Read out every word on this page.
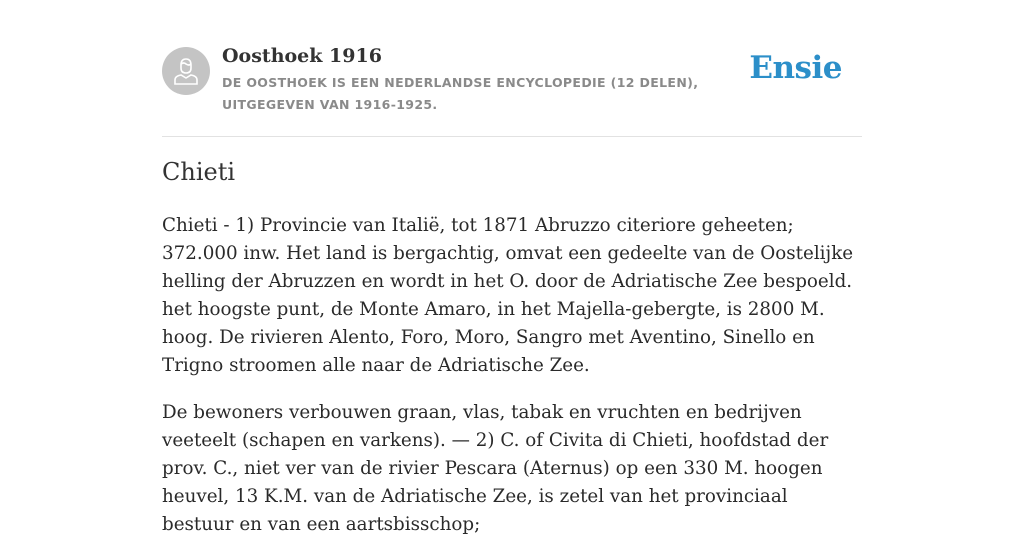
Oosthoek 1916

DE OOSTHOEK IS EEN NEDERLANDSE ENCYCLOPEDIE (12 DELEN), UITGEGEVEN VAN 1916-1925.

Ensie
Chieti

Chieti - 1) Provincie van Italië, tot 1871 Abruzzo citeriore geheeten; 372.000 inw. Het land is bergachtig, omvat een gedeelte van de Oostelijke helling der Abruzzen en wordt in het O. door de Adriatische Zee bespoeld. het hoogste punt, de Monte Amaro, in het Majella-gebergte, is 2800 M. hoog. De rivieren Alento, Foro, Moro, Sangro met Aventino, Sinello en Trigno stroomen alle naar de Adriatische Zee.

De bewoners verbouwen graan, vlas, tabak en vruchten en bedrijven veeteelt (schapen en varkens). — 2) C. of Civita di Chieti, hoofdstad der prov. C., niet ver van de rivier Pescara (Aternus) op een 330 M. hoogen heuvel, 13 K.M. van de Adriatische Zee, is zetel van het provinciaal bestuur en van een aartsbisschop;
